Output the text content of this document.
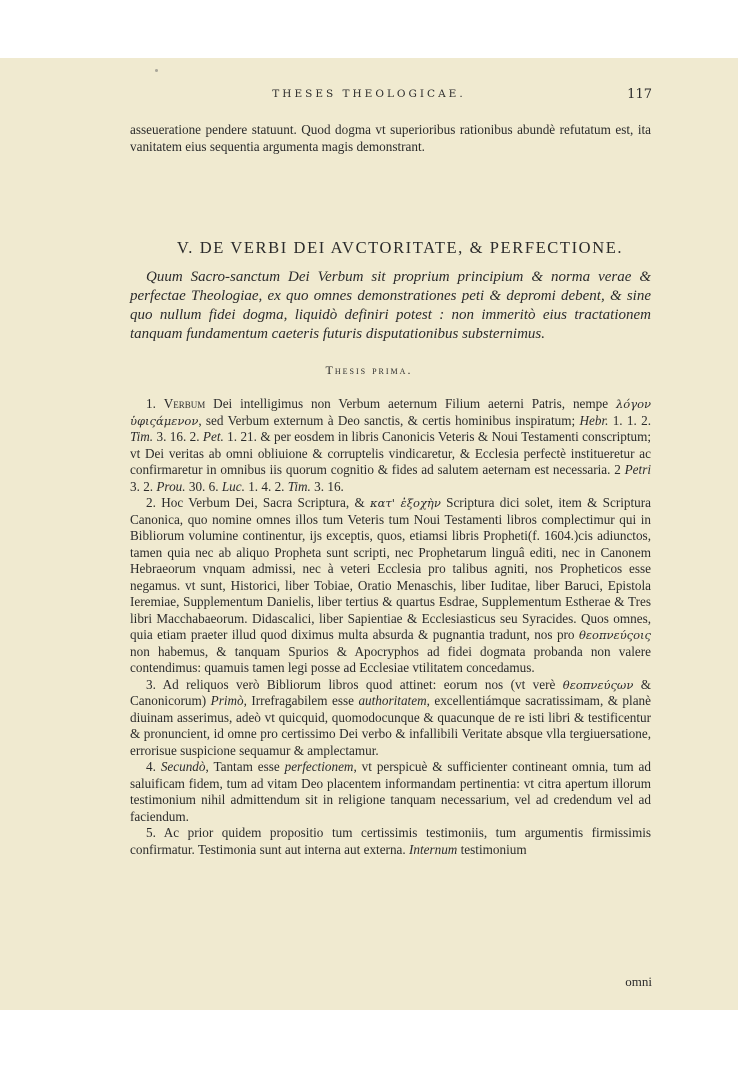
THESES THEOLOGICAE.	117

asseueratione pendere statuunt. Quod dogma vt superioribus rationibus abundè refutatum est, ita vanitatem eius sequentia argumenta magis demonstrant.

V. DE VERBI DEI AVCTORITATE, & PERFECTIONE.

Quum Sacro-sanctum Dei Verbum sit proprium principium & norma verae & perfectae Theologiae, ex quo omnes demonstrationes peti & depromi debent, & sine quo nullum fidei dogma, liquidò definiri potest : non immeritò eius tractationem tanquam fundamentum caeteris futuris disputationibus substernimus.

Thesis prima.

1. Verbum Dei intelligimus non Verbum aeternum Filium aeterni Patris, nempe λόγον ὑφιςάμενον, sed Verbum externum à Deo sanctis, & certis hominibus inspiratum; Hebr. 1. 1. 2. Tim. 3. 16. 2. Pet. 1. 21. & per eosdem in libris Canonicis Veteris & Noui Testamenti conscriptum; vt Dei veritas ab omni obliuione & corruptelis vindicaretur, & Ecclesia perfectè institueretur ac confirmaretur in omnibus iis quorum cognitio & fides ad salutem aeternam est necessaria. 2 Petri 3. 2. Prou. 30. 6. Luc. 1. 4. 2. Tim. 3. 16.

2. Hoc Verbum Dei, Sacra Scriptura, & κατ' ἐξοχὴν Scriptura dici solet, item & Scriptura Canonica, quo nomine omnes illos tum Veteris tum Noui Testamenti libros complectimur qui in Bibliorum volumine continentur, ijs exceptis, quos, etiamsi libris Propheti(f. 1604.)cis adiunctos, tamen quia nec ab aliquo Propheta sunt scripti, nec Prophetarum linguâ editi, nec in Canonem Hebraeorum vnquam admissi, nec à veteri Ecclesia pro talibus agniti, nos Propheticos esse negamus. vt sunt, Historici, liber Tobiae, Oratio Menaschis, liber Iuditae, liber Baruci, Epistola Ieremiae, Supplementum Danielis, liber tertius & quartus Esdrae, Supplementum Estherae & Tres libri Macchabaeorum. Didascalici, liber Sapientiae & Ecclesiasticus seu Syracides. Quos omnes, quia etiam praeter illud quod diximus multa absurda & pugnantia tradunt, nos pro θεοπνεύςοις non habemus, & tanquam Spurios & Apocryphos ad fidei dogmata probanda non valere contendimus: quamuis tamen legi posse ad Ecclesiae vtilitatem concedamus.

3. Ad reliquos verò Bibliorum libros quod attinet: eorum nos (vt verè θεοπνεύςων & Canonicorum) Primò, Irrefragabilem esse authoritatem, excellentiámque sacratissimam, & planè diuinam asserimus, adeò vt quicquid, quomodocunque & quacunque de re isti libri & testificentur & pronuncient, id omne pro certissimo Dei verbo & infallibili Veritate absque vlla tergiuersatione, errorisue suspicione sequamur & amplectamur.

4. Secundò, Tantam esse perfectionem, vt perspicuè & sufficienter contineant omnia, tum ad saluificam fidem, tum ad vitam Deo placentem informandam pertinentia: vt citra apertum illorum testimonium nihil admittendum sit in religione tanquam necessarium, vel ad credendum vel ad faciendum.

5. Ac prior quidem propositio tum certissimis testimoniis, tum argumentis firmissimis confirmatur. Testimonia sunt aut interna aut externa. Internum testimonium

omni
